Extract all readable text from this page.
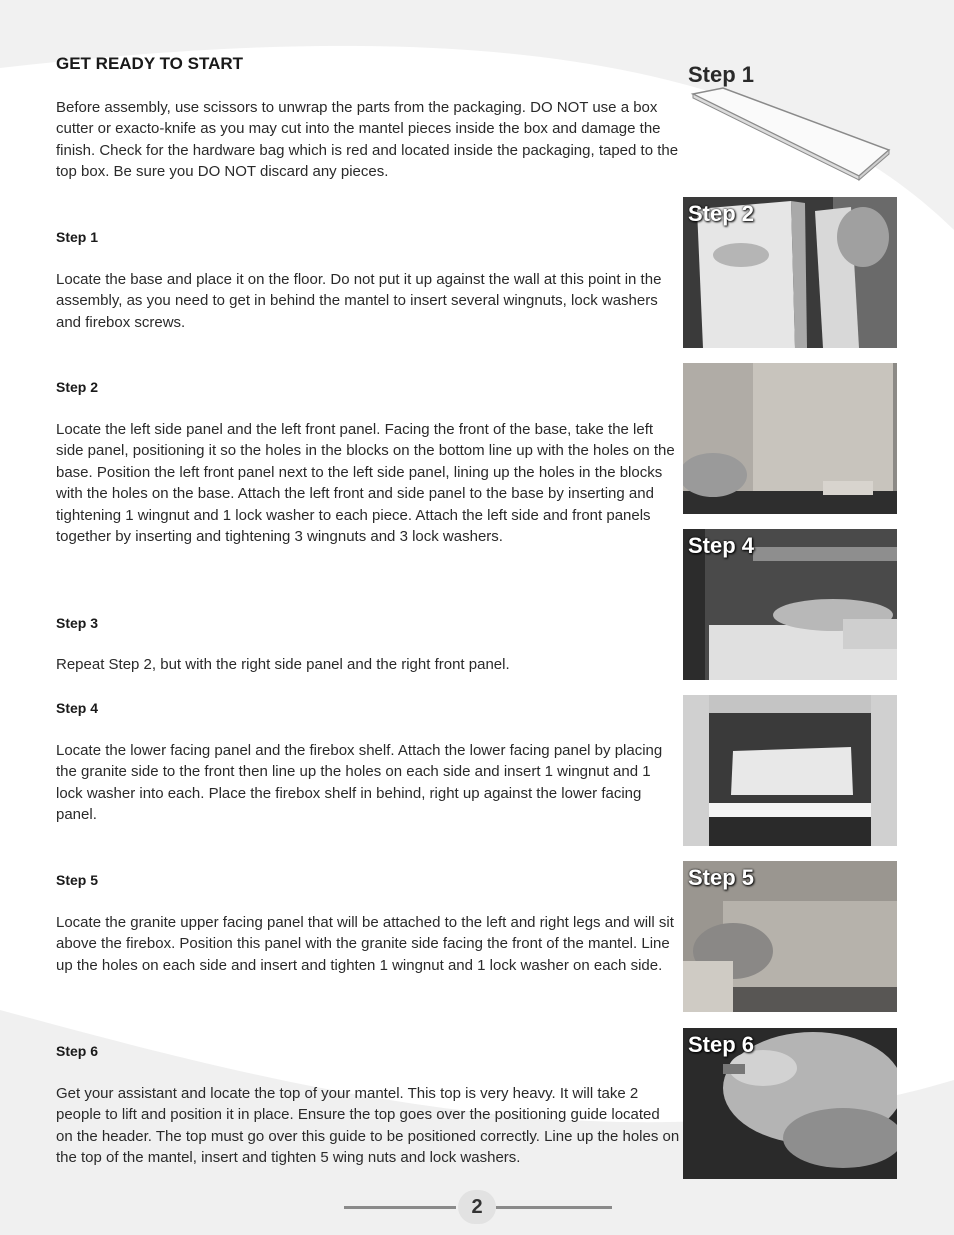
GET READY TO START

Before assembly, use scissors to unwrap the parts from the packaging. DO NOT use a box cutter or exacto-knife as you may cut into the mantel pieces inside the box and damage the finish. Check for the hardware bag which is red and located inside the packaging, taped to the top box. Be sure you DO NOT discard any pieces.

Step 1

Locate the base and place it on the floor. Do not put it up against the wall at this point in the assembly, as you need to get in behind the mantel to insert several wingnuts, lock washers and firebox screws.

Step 2

Locate the left side panel and the left front panel. Facing the front of the base, take the left side panel, positioning it so the holes in the blocks on the bottom line up with the holes on the base. Position the left front panel next to the left side panel, lining up the holes in the blocks with the holes on the base. Attach the left front and side panel to the base by inserting and tightening 1 wingnut and 1 lock washer to each piece. Attach the left side and front panels together by inserting and tightening 3 wingnuts and 3 lock washers.

Step 3

Repeat Step 2, but with the right side panel and the right front panel.

Step 4

Locate the lower facing panel and the firebox shelf. Attach the lower facing panel by placing the granite side to the front then line up the holes on each side and insert 1 wingnut and 1 lock washer into each. Place the firebox shelf in behind, right up against the lower facing panel.

Step 5

Locate the granite upper facing panel that will be attached to the left and right legs and will sit above the firebox. Position this panel with the granite side facing the front of the mantel. Line up the holes on each side and insert and tighten 1 wingnut and 1 lock washer on each side.

Step 6

Get your assistant and locate the top of your mantel. This top is very heavy. It will take 2 people to lift and position it in place. Ensure the top goes over the positioning guide located on the header. The top must go over this guide to be positioned correctly. Line up the holes on the top of the mantel, insert and tighten 5 wing nuts and lock washers.

Step 1
Step 2
Step 4
Step 5
Step 6
2
